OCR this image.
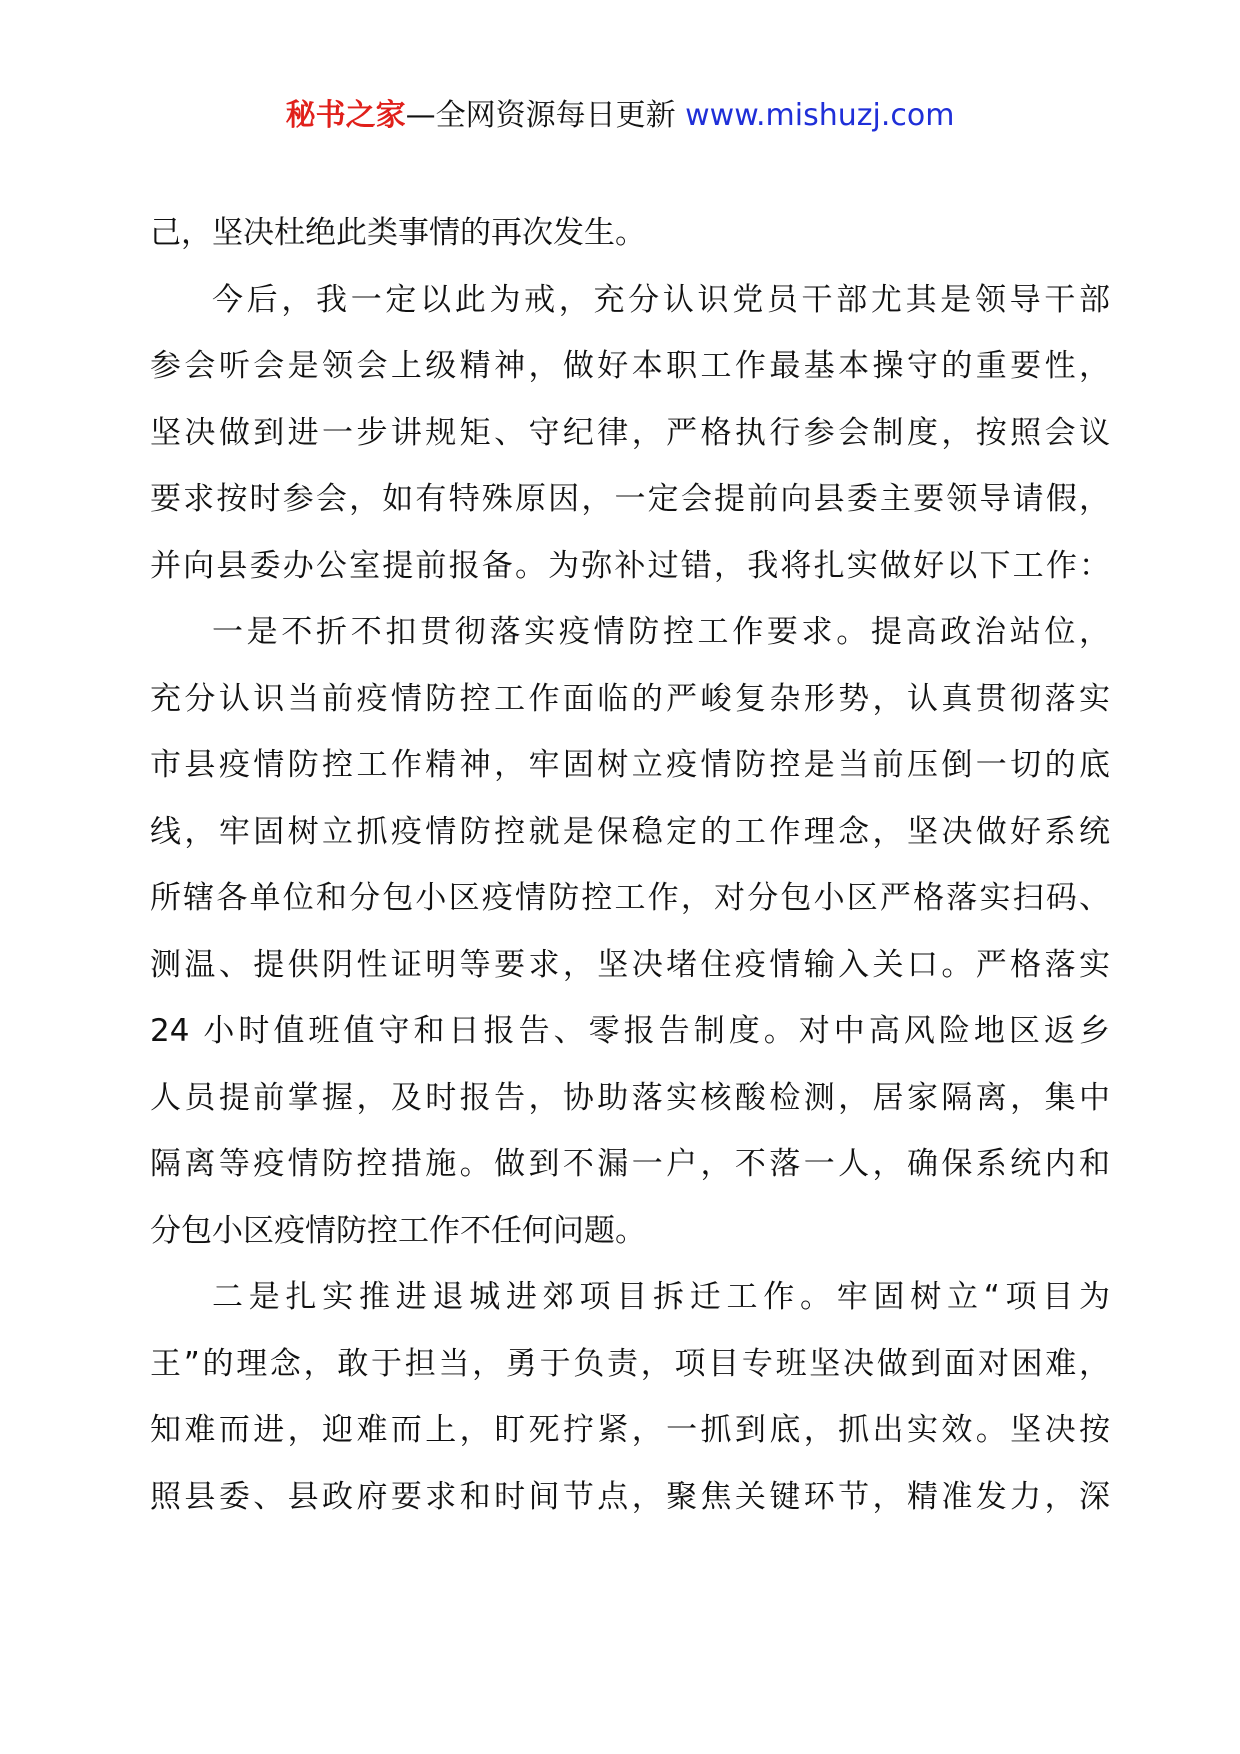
秘书之家—全网资源每日更新 www.mishuzj.com
己，坚决杜绝此类事情的再次发生。
今后，我一定以此为戒，充分认识党员干部尤其是领导干部
参会听会是领会上级精神，做好本职工作最基本操守的重要性，
坚决做到进一步讲规矩、守纪律，严格执行参会制度，按照会议
要求按时参会，如有特殊原因，一定会提前向县委主要领导请假，
并向县委办公室提前报备。为弥补过错，我将扎实做好以下工作：
一是不折不扣贯彻落实疫情防控工作要求。提高政治站位，
充分认识当前疫情防控工作面临的严峻复杂形势，认真贯彻落实
市县疫情防控工作精神，牢固树立疫情防控是当前压倒一切的底
线，牢固树立抓疫情防控就是保稳定的工作理念，坚决做好系统
所辖各单位和分包小区疫情防控工作，对分包小区严格落实扫码、
测温、提供阴性证明等要求，坚决堵住疫情输入关口。严格落实
24 小时值班值守和日报告、零报告制度。对中高风险地区返乡
人员提前掌握，及时报告，协助落实核酸检测，居家隔离，集中
隔离等疫情防控措施。做到不漏一户，不落一人，确保系统内和
分包小区疫情防控工作不任何问题。
二是扎实推进退城进郊项目拆迁工作。牢固树立“项目为
王”的理念，敢于担当，勇于负责，项目专班坚决做到面对困难，
知难而进，迎难而上，盯死拧紧，一抓到底，抓出实效。坚决按
照县委、县政府要求和时间节点，聚焦关键环节，精准发力，深
